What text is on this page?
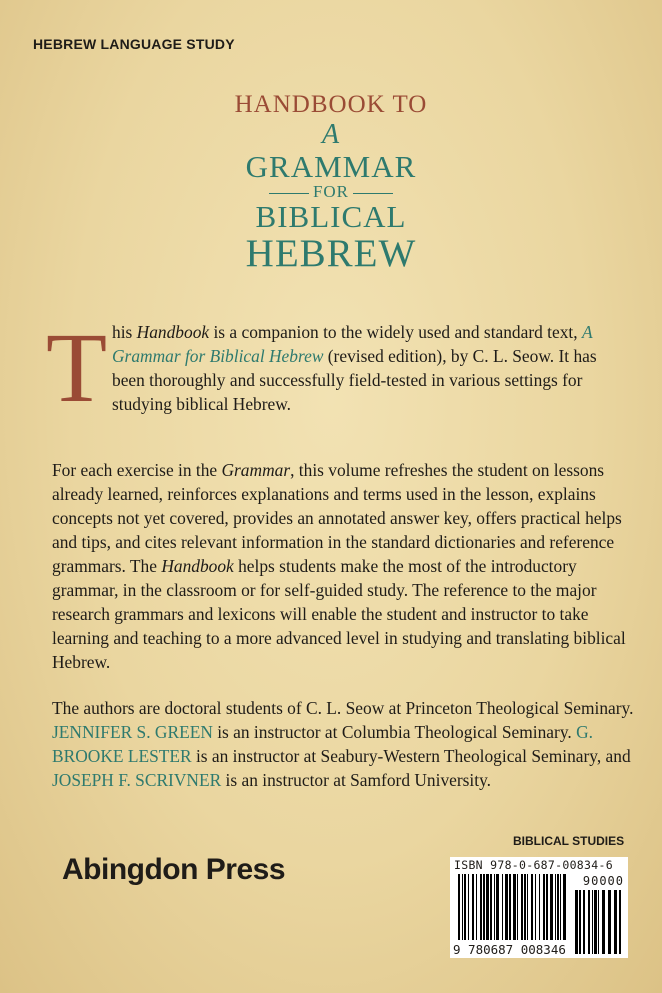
HEBREW LANGUAGE STUDY
HANDBOOK TO
A
GRAMMAR
FOR
BIBLICAL
HEBREW
T his Handbook is a companion to the widely used and standard text, A Grammar for Biblical Hebrew (revised edition), by C. L. Seow. It has been thoroughly and successfully field-tested in various settings for studying biblical Hebrew.

For each exercise in the Grammar, this volume refreshes the student on lessons already learned, reinforces explanations and terms used in the lesson, explains concepts not yet covered, provides an annotated answer key, offers practical helps and tips, and cites relevant information in the standard dictionaries and reference grammars. The Handbook helps students make the most of the introductory grammar, in the classroom or for self-guided study. The reference to the major research grammars and lexicons will enable the student and instructor to take learning and teaching to a more advanced level in studying and translating biblical Hebrew.

The authors are doctoral students of C. L. Seow at Princeton Theological Seminary. JENNIFER S. GREEN is an instructor at Columbia Theological Seminary. G. BROOKE LESTER is an instructor at Seabury-Western Theological Seminary, and JOSEPH F. SCRIVNER is an instructor at Samford University.

BIBLICAL STUDIES
Abingdon Press	ISBN 978-0-687-00834-6
90000
9 780687 008346
